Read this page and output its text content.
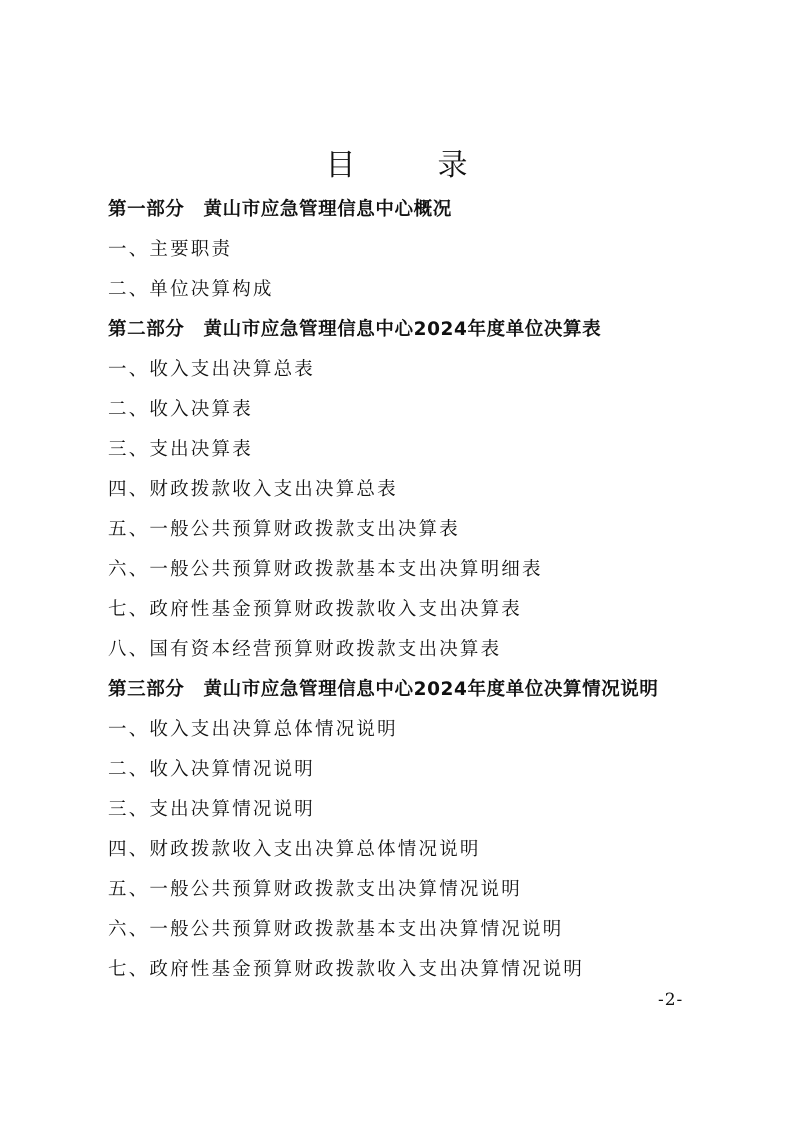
目　录
第一部分　黄山市应急管理信息中心概况
一、主要职责
二、单位决算构成
第二部分　黄山市应急管理信息中心2024年度单位决算表
一、收入支出决算总表
二、收入决算表
三、支出决算表
四、财政拨款收入支出决算总表
五、一般公共预算财政拨款支出决算表
六、一般公共预算财政拨款基本支出决算明细表
七、政府性基金预算财政拨款收入支出决算表
八、国有资本经营预算财政拨款支出决算表
第三部分　黄山市应急管理信息中心2024年度单位决算情况说明
一、收入支出决算总体情况说明
二、收入决算情况说明
三、支出决算情况说明
四、财政拨款收入支出决算总体情况说明
五、一般公共预算财政拨款支出决算情况说明
六、一般公共预算财政拨款基本支出决算情况说明
七、政府性基金预算财政拨款收入支出决算情况说明
-2-
